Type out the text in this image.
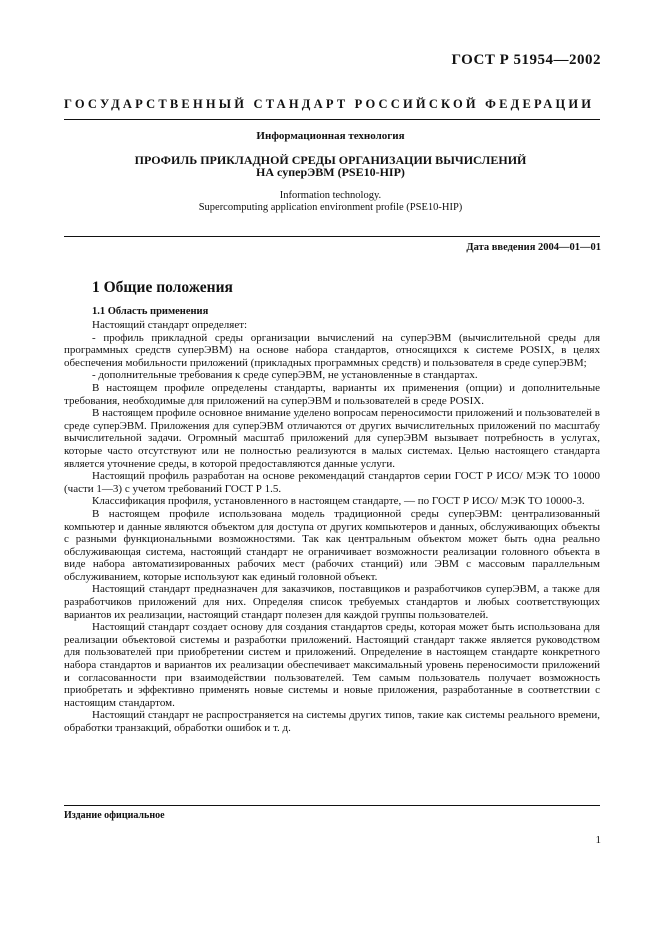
ГОСТ Р 51954—2002
ГОСУДАРСТВЕННЫЙ СТАНДАРТ РОССИЙСКОЙ ФЕДЕРАЦИИ
Информационная технология
ПРОФИЛЬ ПРИКЛАДНОЙ СРЕДЫ ОРГАНИЗАЦИИ ВЫЧИСЛЕНИЙ
НА суперЭВМ (PSE10-HIP)
Information technology.
Supercomputing application environment profile (PSE10-HIP)
Дата введения 2004—01—01
1 Общие положения
1.1 Область применения

Настоящий стандарт определяет:

- профиль прикладной среды организации вычислений на суперЭВМ (вычислительной среды для программных средств суперЭВМ) на основе набора стандартов, относящихся к системе POSIX, в целях обеспечения мобильности приложений (прикладных программных средств) и пользователя в среде суперЭВМ;

- дополнительные требования к среде суперЭВМ, не установленные в стандартах.

В настоящем профиле определены стандарты, варианты их применения (опции) и дополнительные требования, необходимые для приложений на суперЭВМ и пользователей в среде POSIX.

В настоящем профиле основное внимание уделено вопросам переносимости приложений и пользователей в среде суперЭВМ. Приложения для суперЭВМ отличаются от других вычислительных приложений по масштабу вычислительной задачи. Огромный масштаб приложений для суперЭВМ вызывает потребность в услугах, которые часто отсутствуют или не полностью реализуются в малых системах. Целью настоящего стандарта является уточнение среды, в которой предоставляются данные услуги.

Настоящий профиль разработан на основе рекомендаций стандартов серии ГОСТ Р ИСО/ МЭК ТО 10000 (части 1—3) с учетом требований ГОСТ Р 1.5.

Классификация профиля, установленного в настоящем стандарте, — по ГОСТ Р ИСО/ МЭК ТО 10000-3.

В настоящем профиле использована модель традиционной среды суперЭВМ: централизованный компьютер и данные являются объектом для доступа от других компьютеров и данных, обслуживающих объекты с разными функциональными возможностями. Так как центральным объектом может быть одна реально обслуживающая система, настоящий стандарт не ограничивает возможности реализации головного объекта в виде набора автоматизированных рабочих мест (рабочих станций) или ЭВМ с массовым параллельным обслуживанием, которые используют как единый головной объект.

Настоящий стандарт предназначен для заказчиков, поставщиков и разработчиков суперЭВМ, а также для разработчиков приложений для них. Определяя список требуемых стандартов и любых соответствующих вариантов их реализации, настоящий стандарт полезен для каждой группы пользователей.

Настоящий стандарт создает основу для создания стандартов среды, которая может быть использована для реализации объектовой системы и разработки приложений. Настоящий стандарт также является руководством для пользователей при приобретении систем и приложений. Определение в настоящем стандарте конкретного набора стандартов и вариантов их реализации обеспечивает максимальный уровень переносимости приложений и согласованности при взаимодействии пользователей. Тем самым пользователь получает возможность приобретать и эффективно применять новые системы и новые приложения, разработанные в соответствии с настоящим стандартом.

Настоящий стандарт не распространяется на системы других типов, такие как системы реального времени, обработки транзакций, обработки ошибок и т. д.

Издание официальное
1
